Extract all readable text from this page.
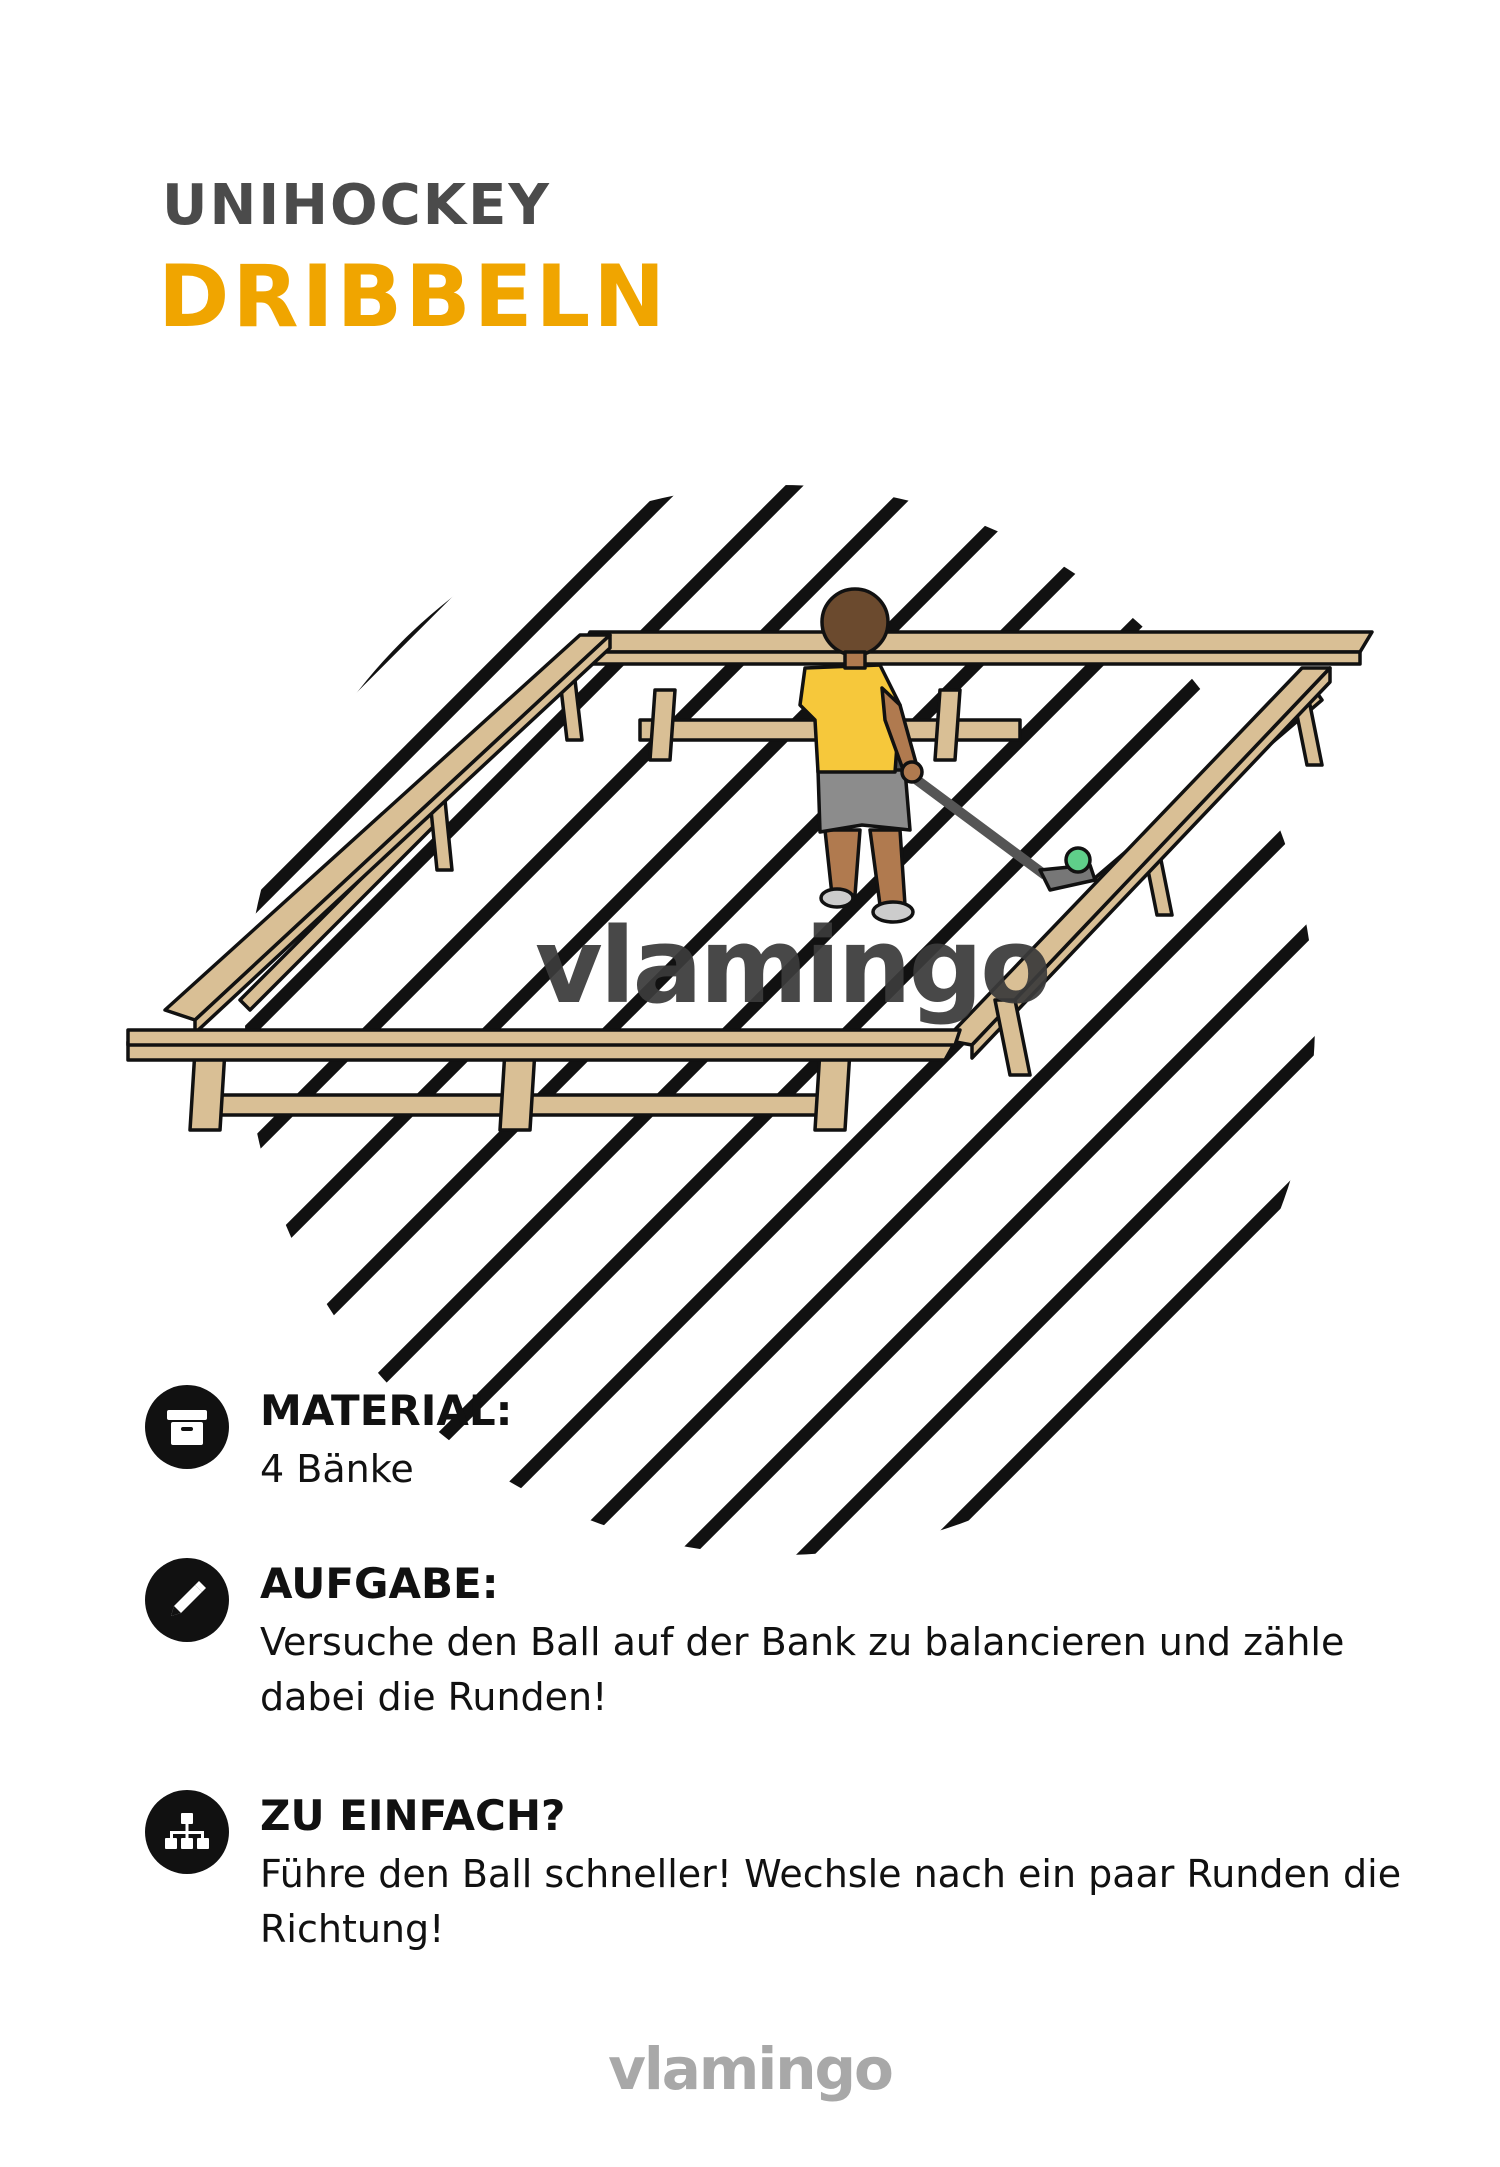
UNIHOCKEY
DRIBBELN
vlamingo
MATERIAL:
4 Bänke
AUFGABE:
Versuche den Ball auf der Bank zu balancieren und zähle dabei die Runden!
ZU EINFACH?
Führe den Ball schneller! Wechsle nach ein paar Runden die Richtung!
vlamingo
